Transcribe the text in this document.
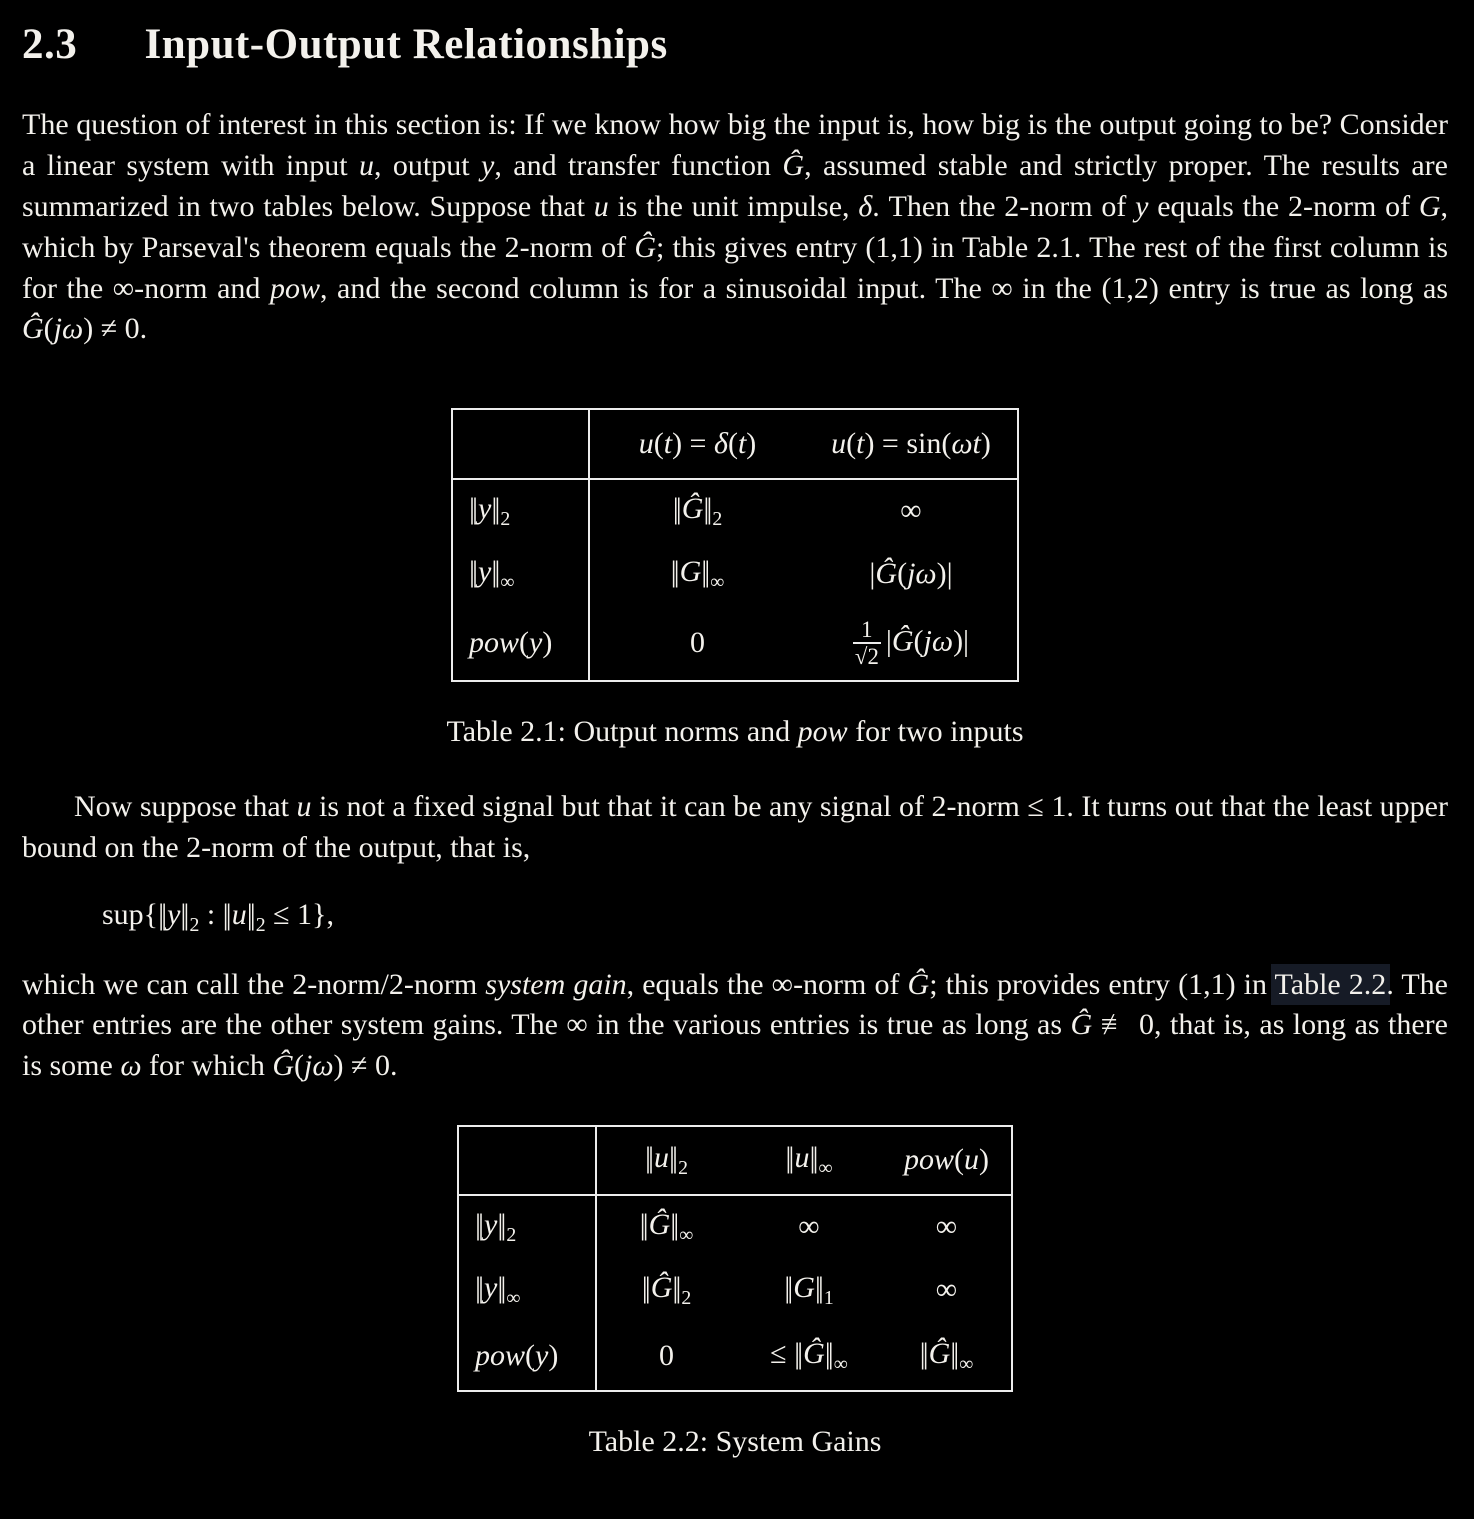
2.3 Input-Output Relationships

The question of interest in this section is: If we know how big the input is, how big is the output going to be? Consider a linear system with input u, output y, and transfer function Ĝ, assumed stable and strictly proper. The results are summarized in two tables below. Suppose that u is the unit impulse, δ. Then the 2-norm of y equals the 2-norm of G, which by Parseval's theorem equals the 2-norm of Ĝ; this gives entry (1,1) in Table 2.1. The rest of the first column is for the ∞-norm and pow, and the second column is for a sinusoidal input. The ∞ in the (1,2) entry is true as long as Ĝ(jω) ≠ 0.

	u(t) = δ(t)	u(t) = sin(ωt)
|| y|| $_2$	|| Ĝ|| $_2$	∞
|| y|| $_\infty$	|| G|| $_\infty$	|Ĝ(jω)|
pow(y)	0	$\frac{1}{√2}$ |Ĝ(jω)|
Table 2.1: Output norms and pow for two inputs

Now suppose that u is not a fixed signal but that it can be any signal of 2-norm ≤ 1. It turns out that the least upper bound on the 2-norm of the output, that is,

sup{|| y|| $_2$ : || u|| $_2$ ≤ 1},

which we can call the 2-norm/2-norm system gain, equals the ∞-norm of Ĝ; this provides entry (1,1) in Table 2.2. The other entries are the other system gains. The ∞ in the various entries is true as long as Ĝ ≢ 0, that is, as long as there is some ω for which Ĝ(jω) ≠ 0.

	|| u|| $_2$	|| u|| $_\infty$	pow(u)
|| y|| $_2$	|| Ĝ|| $_\infty$	∞	∞
|| y|| $_\infty$	|| Ĝ|| $_2$	|| G|| $_1$	∞
pow(y)	0	≤ || Ĝ|| $_\infty$	|| Ĝ|| $_\infty$
Table 2.2: System Gains
